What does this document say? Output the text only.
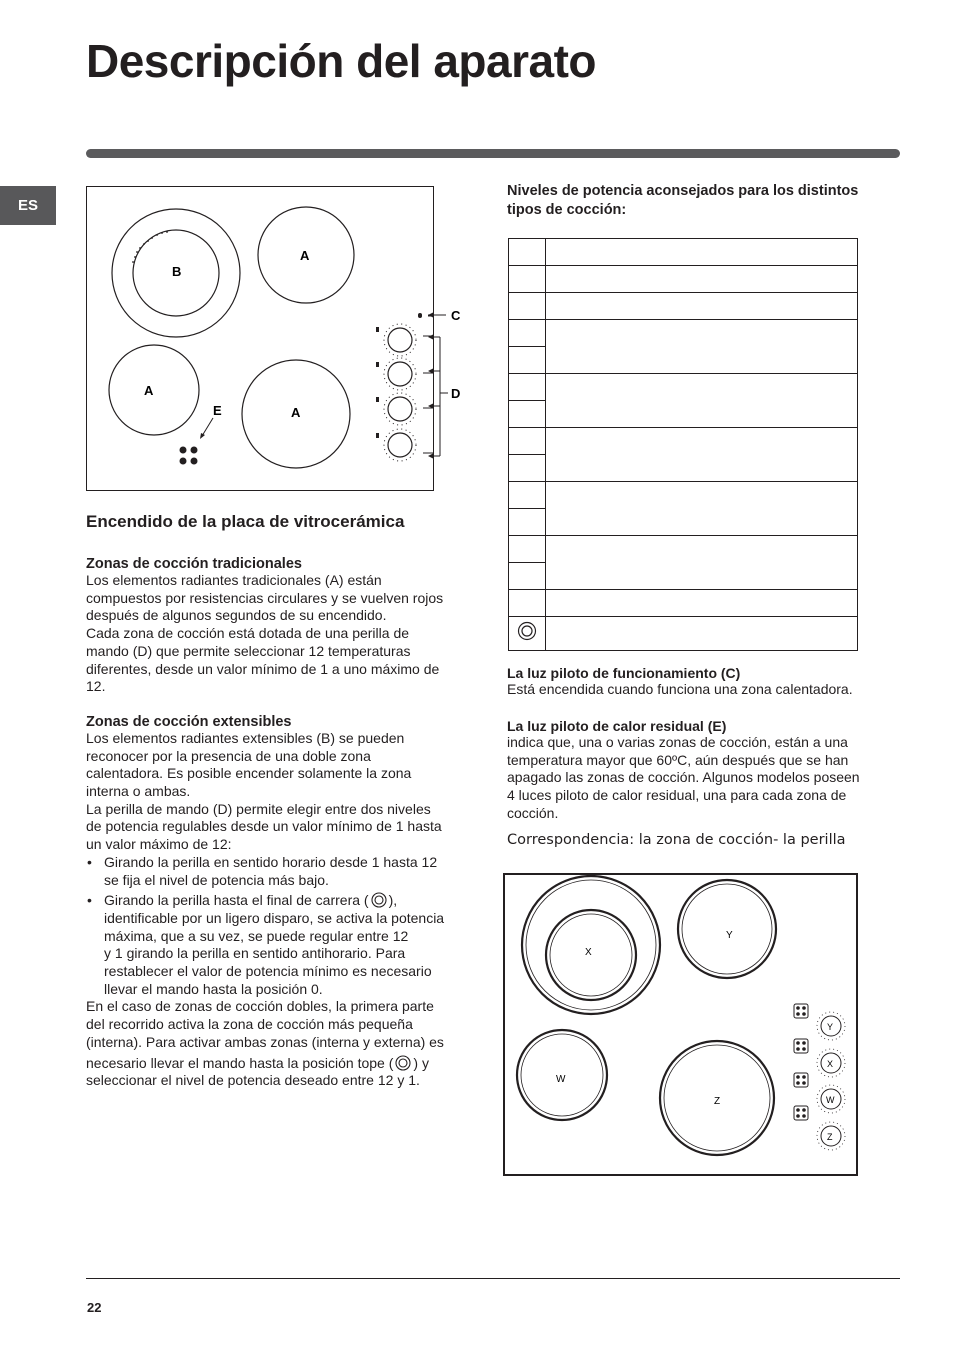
Descripción del aparato
ES
B
A
A
A
E
C
D

Encendido de la placa de vitrocerámica

Zonas de cocción tradicionales

Los elementos radiantes tradicionales (A) están

compuestos por resistencias circulares y se vuelven rojos

después de algunos segundos de su encendido.

Cada zona de cocción está dotada de una perilla de

mando (D) que permite seleccionar 12 temperaturas

diferentes, desde un valor mínimo de 1 a uno máximo de

12.

Zonas de cocción extensibles

Los elementos radiantes extensibles (B) se pueden

reconocer por la presencia de una doble zona

calentadora. Es posible encender solamente la zona

interna o ambas.

La perilla de mando (D) permite elegir entre dos niveles

de potencia regulables desde un valor mínimo de 1 hasta

un valor máximo de 12:

• Girando la perilla en sentido horario desde 1 hasta 12
se fija el nivel de potencia más bajo.
• Girando la perilla hasta el final de carrera ( ),
identificable por un ligero disparo, se activa la potencia
máxima, que a su vez, se puede regular entre 12
y 1 girando la perilla en sentido antihorario. Para
restablecer el valor de potencia mínimo es necesario
llevar el mando hasta la posición 0.

En el caso de zonas de cocción dobles, la primera parte

del recorrido activa la zona de cocción más pequeña

(interna). Para activar ambas zonas (interna y externa) es

necesario llevar el mando hasta la posición tope ( ) y

seleccionar el nivel de potencia deseado entre 12 y 1.

Niveles de potencia aconsejados para los distintos

tipos de cocción:

La luz piloto de funcionamiento (C)

Está encendida cuando funciona una zona calentadora.

La luz piloto de calor residual (E)

indica que, una o varias zonas de cocción, están a una

temperatura mayor que 60ºC, aún después que se han

apagado las zonas de cocción. Algunos modelos poseen

4 luces piloto de calor residual, una para cada zona de

cocción.

Correspondencia: la zona de cocción- la perilla
X
Y
W
Z
Y
X
W
Z
22
